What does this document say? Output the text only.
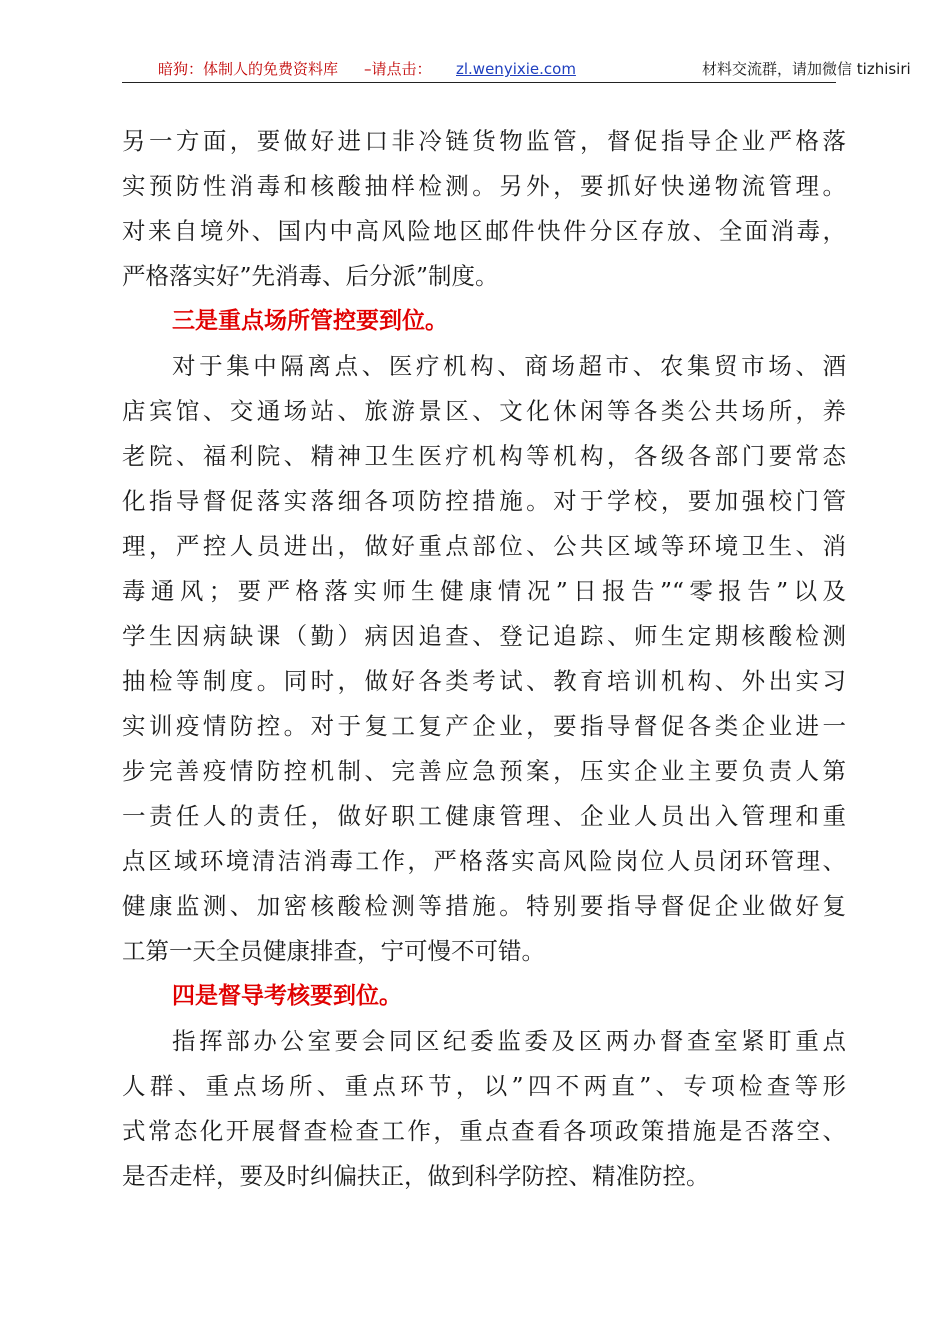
暗狗：体制人的免费资料库 –请点击： zl.wenyixie.com	材料交流群，请加微信 tizhisiri
另一方面，要做好进口非冷链货物监管，督促指导企业严格落
实预防性消毒和核酸抽样检测。另外，要抓好快递物流管理。
对来自境外、国内中高风险地区邮件快件分区存放、全面消毒，
严格落实好”先消毒、后分派”制度。
三是重点场所管控要到位。
对于集中隔离点、医疗机构、商场超市、农集贸市场、酒
店宾馆、交通场站、旅游景区、文化休闲等各类公共场所，养
老院、福利院、精神卫生医疗机构等机构，各级各部门要常态
化指导督促落实落细各项防控措施。对于学校，要加强校门管
理，严控人员进出，做好重点部位、公共区域等环境卫生、消
毒通风；要严格落实师生健康情况”日报告”“零报告”以及
学生因病缺课（勤）病因追查、登记追踪、师生定期核酸检测
抽检等制度。同时，做好各类考试、教育培训机构、外出实习
实训疫情防控。对于复工复产企业，要指导督促各类企业进一
步完善疫情防控机制、完善应急预案，压实企业主要负责人第
一责任人的责任，做好职工健康管理、企业人员出入管理和重
点区域环境清洁消毒工作，严格落实高风险岗位人员闭环管理、
健康监测、加密核酸检测等措施。特别要指导督促企业做好复
工第一天全员健康排查，宁可慢不可错。
四是督导考核要到位。
指挥部办公室要会同区纪委监委及区两办督查室紧盯重点
人群、重点场所、重点环节，以”四不两直”、专项检查等形
式常态化开展督查检查工作，重点查看各项政策措施是否落空、
是否走样，要及时纠偏扶正，做到科学防控、精准防控。
